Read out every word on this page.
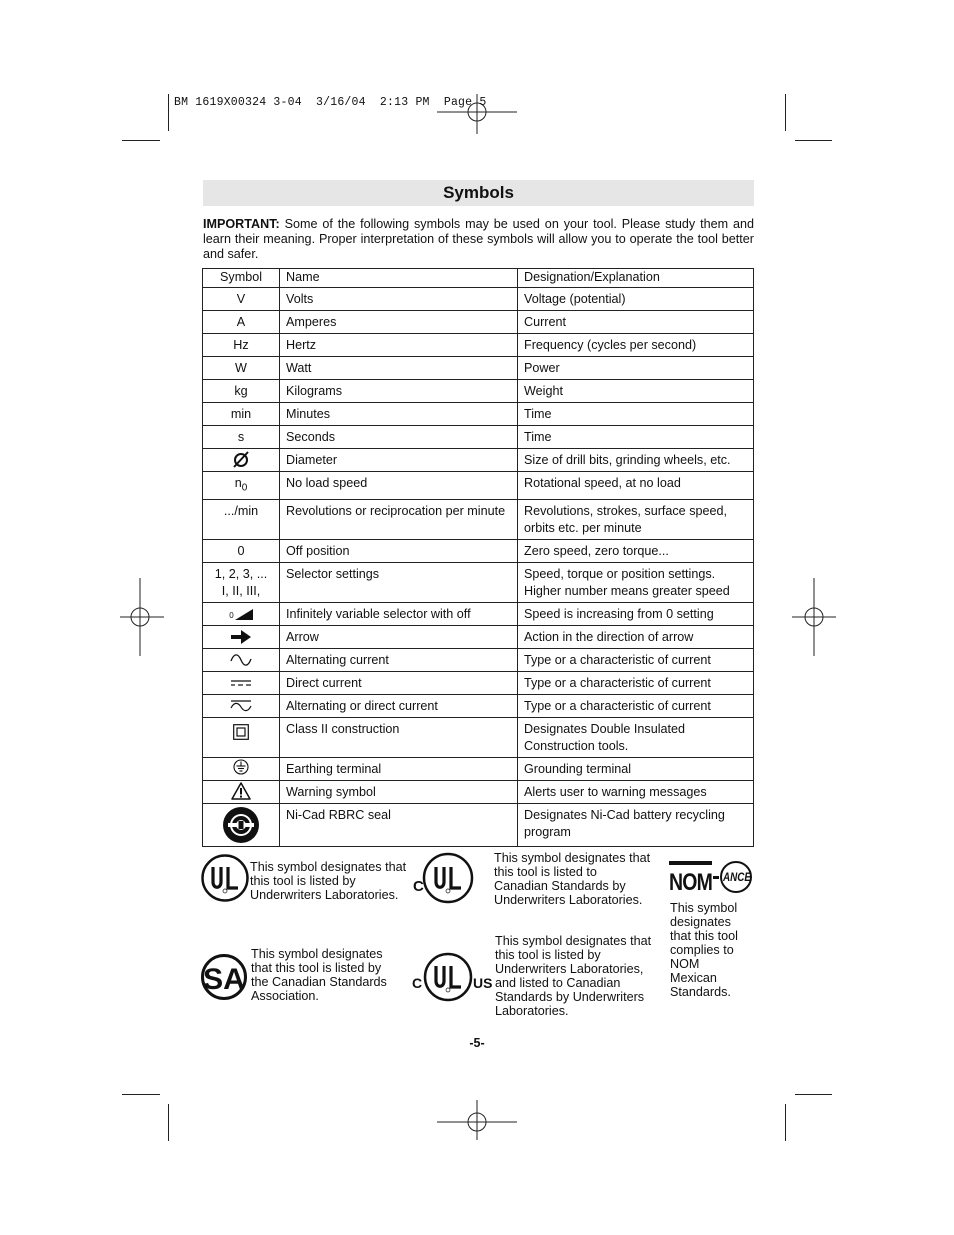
BM 1619X00324 3-04  3/16/04  2:13 PM  Page 5
Symbols
IMPORTANT: Some of the following symbols may be used on your tool. Please study them and learn their meaning. Proper interpretation of these symbols will allow you to operate the tool better and safer.
Symbol	Name	Designation/Explanation
V	Volts	Voltage (potential)
A	Amperes	Current
Hz	Hertz	Frequency (cycles per second)
W	Watt	Power
kg	Kilograms	Weight
min	Minutes	Time
s	Seconds	Time
	Diameter	Size of drill bits, grinding wheels, etc.
$n_0$	No load speed	Rotational speed, at no load
.../min	Revolutions or reciprocation per minute	Revolutions, strokes, surface speed, orbits etc. per minute
0	Off position	Zero speed, zero torque...

1, 2, 3, ...
I, II, III,	Selector settings	Speed, torque or position settings. Higher number means greater speed

0	Infinitely variable selector with off	Speed is increasing from 0 setting
	Arrow	Action in the direction of arrow
	Alternating current	Type or a characteristic of current
	Direct current	Type or a characteristic of current
	Alternating or direct current	Type or a characteristic of current
	Class II construction	Designates Double Insulated Construction tools.
	Earthing terminal	Grounding terminal
	Warning symbol	Alerts user to warning messages
	Ni-Cad RBRC seal	Designates Ni-Cad battery recycling program
This symbol designates that this tool is listed by Underwriters Laboratories. C
This symbol designates that this tool is listed to Canadian Standards by Underwriters Laboratories.
NOM ANCE
This symbol designates that this tool complies to NOM Mexican Standards.
SA
This symbol designates that this tool is listed by the Canadian Standards Association.
C	US
This symbol designates that this tool is listed by Underwriters Laboratories, and listed to Canadian Standards by Underwriters Laboratories.
-5-
